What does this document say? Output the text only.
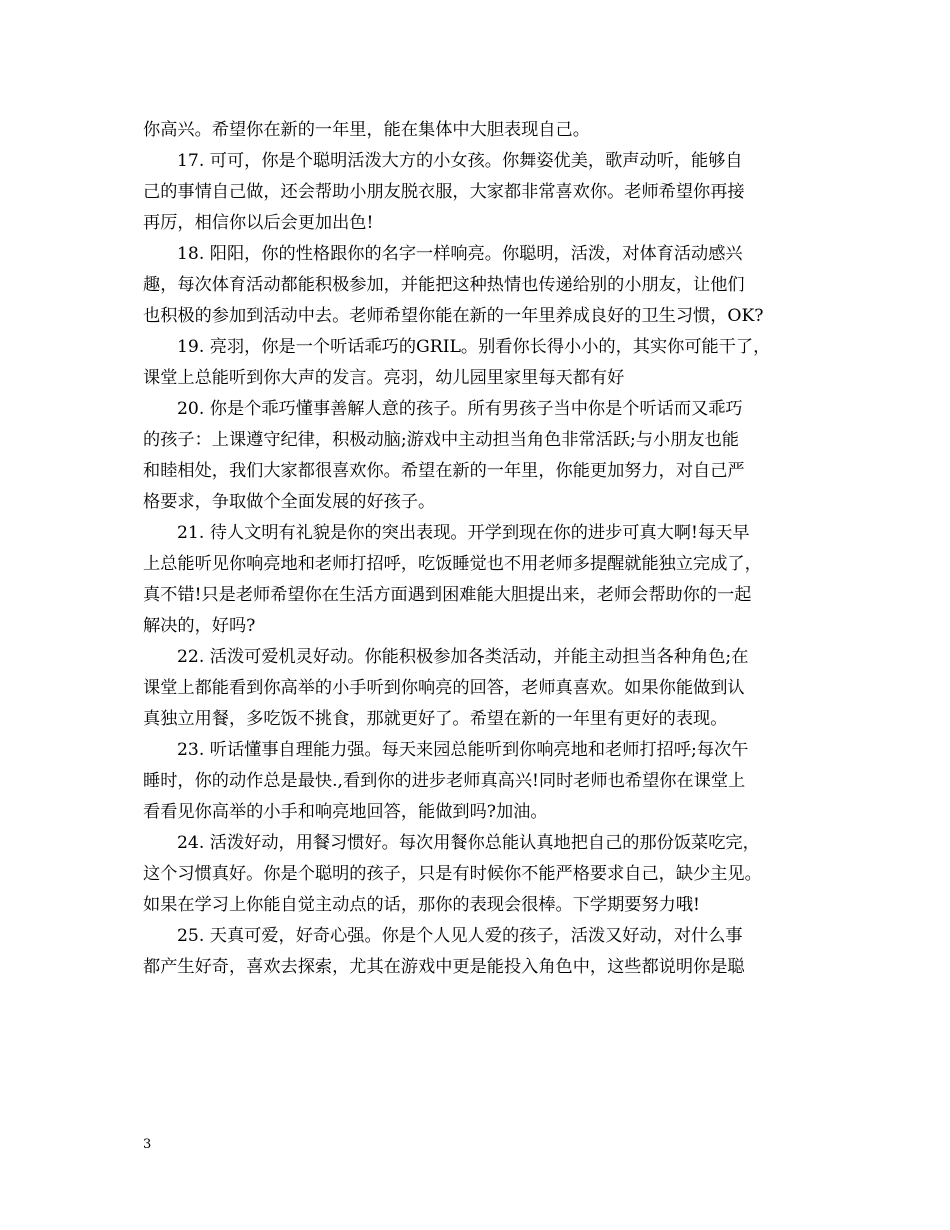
你高兴。希望你在新的一年里，能在集体中大胆表现自己。

17. 可可，你是个聪明活泼大方的小女孩。你舞姿优美，歌声动听，能够自
己的事情自己做，还会帮助小朋友脱衣服，大家都非常喜欢你。老师希望你再接
再厉，相信你以后会更加出色!

18. 阳阳，你的性格跟你的名字一样响亮。你聪明，活泼，对体育活动感兴
趣，每次体育活动都能积极参加，并能把这种热情也传递给别的小朋友，让他们
也积极的参加到活动中去。老师希望你能在新的一年里养成良好的卫生习惯，OK?

19. 亮羽，你是一个听话乖巧的GRIL。别看你长得小小的，其实你可能干了，
课堂上总能听到你大声的发言。亮羽，幼儿园里家里每天都有好

20. 你是个乖巧懂事善解人意的孩子。所有男孩子当中你是个听话而又乖巧
的孩子：上课遵守纪律，积极动脑;游戏中主动担当角色非常活跃;与小朋友也能
和睦相处，我们大家都很喜欢你。希望在新的一年里，你能更加努力，对自己严
格要求，争取做个全面发展的好孩子。

21. 待人文明有礼貌是你的突出表现。开学到现在你的进步可真大啊!每天早
上总能听见你响亮地和老师打招呼，吃饭睡觉也不用老师多提醒就能独立完成了，
真不错!只是老师希望你在生活方面遇到困难能大胆提出来，老师会帮助你的一起
解决的，好吗?

22. 活泼可爱机灵好动。你能积极参加各类活动，并能主动担当各种角色;在
课堂上都能看到你高举的小手听到你响亮的回答，老师真喜欢。如果你能做到认
真独立用餐，多吃饭不挑食，那就更好了。希望在新的一年里有更好的表现。

23. 听话懂事自理能力强。每天来园总能听到你响亮地和老师打招呼;每次午
睡时，你的动作总是最快.,看到你的进步老师真高兴!同时老师也希望你在课堂上
看看见你高举的小手和响亮地回答，能做到吗?加油。

24. 活泼好动，用餐习惯好。每次用餐你总能认真地把自己的那份饭菜吃完，
这个习惯真好。你是个聪明的孩子，只是有时候你不能严格要求自己，缺少主见。
如果在学习上你能自觉主动点的话，那你的表现会很棒。下学期要努力哦!

25. 天真可爱，好奇心强。你是个人见人爱的孩子，活泼又好动，对什么事
都产生好奇，喜欢去探索，尤其在游戏中更是能投入角色中，这些都说明你是聪

3
